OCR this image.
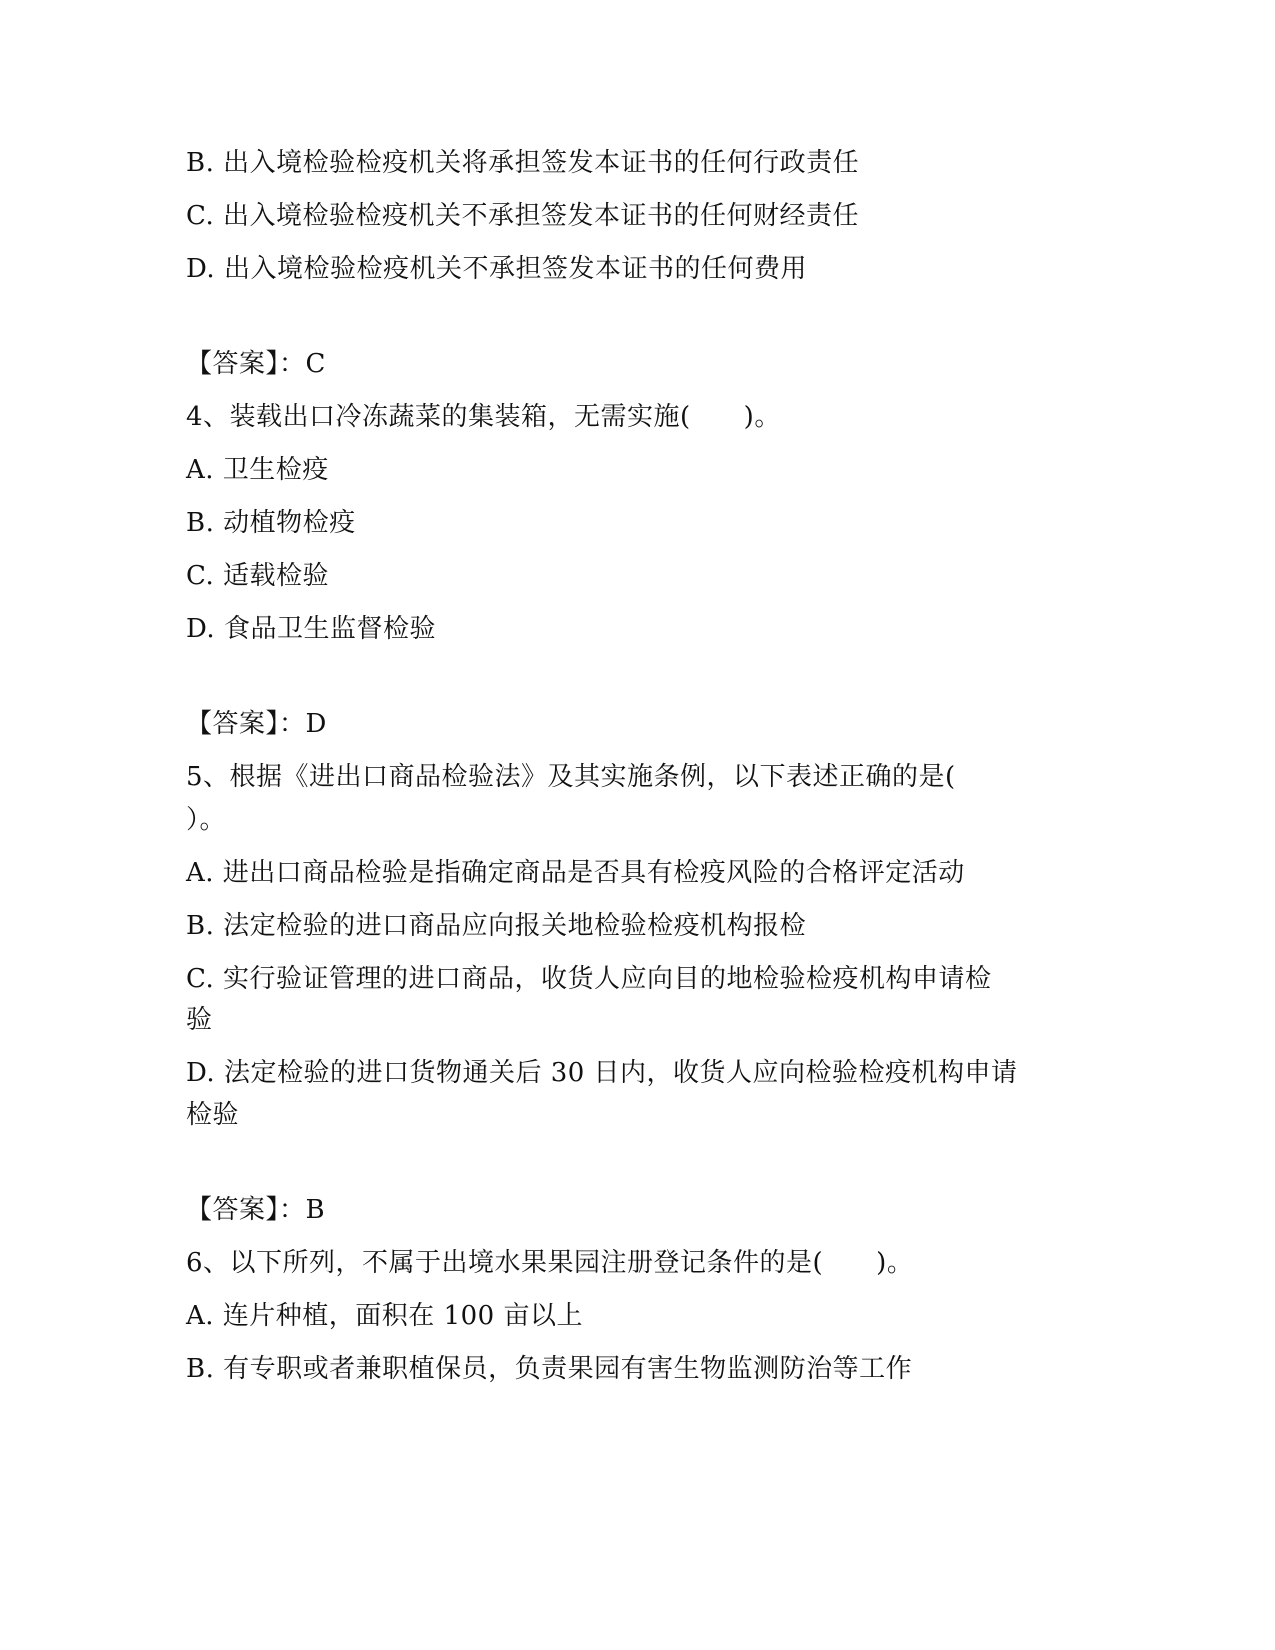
B. 出入境检验检疫机关将承担签发本证书的任何行政责任
C. 出入境检验检疫机关不承担签发本证书的任何财经责任
D. 出入境检验检疫机关不承担签发本证书的任何费用
【答案】：C
4、装载出口冷冻蔬菜的集装箱，无需实施(　　)。
A. 卫生检疫
B. 动植物检疫
C. 适载检验
D. 食品卫生监督检验
【答案】：D
5、根据《进出口商品检验法》及其实施条例，以下表述正确的是(
）。
A. 进出口商品检验是指确定商品是否具有检疫风险的合格评定活动
B. 法定检验的进口商品应向报关地检验检疫机构报检
C. 实行验证管理的进口商品，收货人应向目的地检验检疫机构申请检
验
D. 法定检验的进口货物通关后 30 日内，收货人应向检验检疫机构申请
检验
【答案】：B
6、以下所列，不属于出境水果果园注册登记条件的是(　　)。
A. 连片种植，面积在 100 亩以上
B. 有专职或者兼职植保员，负责果园有害生物监测防治等工作
